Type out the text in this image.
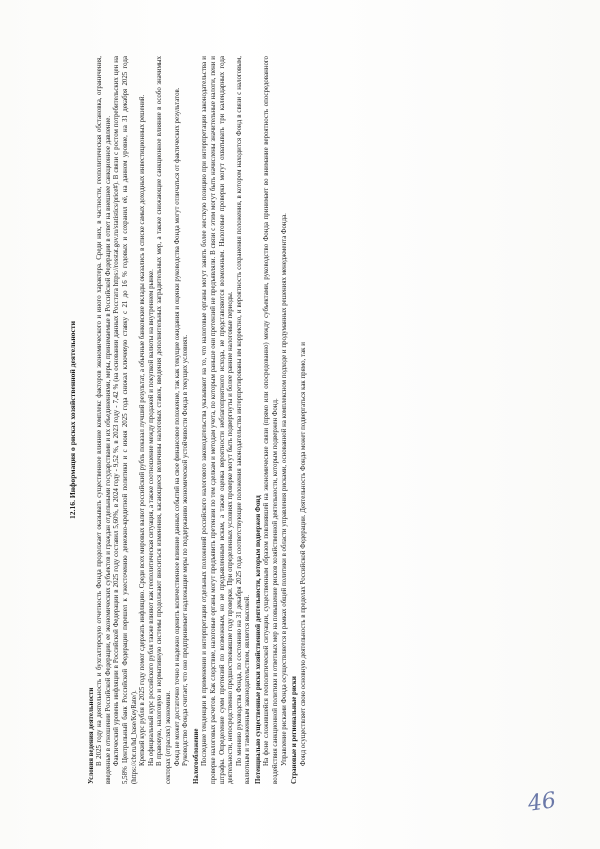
12.16. Информация о рисках хозяйственной деятельности
Условия ведения деятельности В 2025 году на деятельность и бухгалтерскую отчетность Фонда продолжает оказывать существенное влияние комплекс факторов экономического и иного характера. Среди них, в частности, геополитическая обстановка, ограничения, введенные в отношении Российской Федерации, ее экономических субъектов и граждан отдельными государствами и их объединениями, меры, принимаемые в Российской Федерации в ответ на внешнее санкционное давление. Фактический уровень инфляции в Российской Федерации в 2025 году составил 5,60%, в 2024 году - 9,52 %, в 2023 году - 7,42 % (на основании данных Росстата https://rosstat.gov.ru/statistics/price#). В связи с ростом потребительских цен на 5,58% Центральный банк Российской Федерации перешел к ужесточению денежно-кредитной политики и с июня 2025 года снижал ключевую ставку с 21 до 16 % годовых и сохранил её, на данном уровне, на 31 декабря 2025 года (https://cbr.ru/hd_base/KeyRate/). Крепкий курс рубля в 2025 году помог сдержать инфляцию. Среди всех мировых валют российский рубль показал лучший результат, а обычные банковские вклады оказались в списке самых доходных инвестиционных решений. На официальный курс российского рубля также влияют как геополитическая ситуация, а также соотношение между продажей и покупкой валюты на внутреннем рынке. В правовую, налоговую и нормативную системы продолжают вноситься изменения, касающиеся величины налоговых ставок, введения дополнительных заградительных мер, а также снижающие санкционное влияние в особо значимых секторах (отраслях) экономики. Фонд не может достаточно точно и надежно оценить количественное влияние данных событий на свое финансовое положение, так как текущие ожидания и оценки руководства Фонда могут отличаться от фактических результатов. Руководство Фонда считает, что оно предпринимает надлежащие меры по поддержанию экономической устойчивости Фонда в текущих условиях. Налогообложение Последние тенденции в применении и интерпретации отдельных положений российского налогового законодательства указывают на то, что налоговые органы могут занять более жесткую позицию при интерпретации законодательства и проверке налоговых расчетов. Как следствие, налоговые органы могут предъявить претензии по тем сделкам и методам учета, по которым раньше они претензий не предъявляли. В связи с этим могут быть начислены значительные налоги, пени и штрафы. Определение сумм претензий по возможным, но не предъявленным искам, а также оценка вероятности неблагоприятного исхода, не представляются возможным. Налоговые проверки могут охватывать три календарных года деятельности, непосредственно предшествовавшие году проверки. При определенных условиях проверке могут быть подвергнуты и более ранние налоговые периоды. По мнению руководства Фонда, по состоянию на 31 декабря 2025 года соответствующие положения законодательства интерпретированы им корректно, и вероятность сохранения положения, в котором находится Фонд в связи с налоговым, валютным и таможенным законодательством, является высокой. Потенциально существенные риски хозяйственной деятельности, которым подвержен Фонд На фоне сложившейся геополитической ситуации, существенным образом повлиявшей на экономические связи (прямо или опосредованно) между субъектами, руководство Фонда принимает во внимание вероятность опосредованного воздействия санкционной политики и ответных мер на повышение рисков хозяйственной деятельности, которым подвержен Фонд. Управление рисками Фонда осуществляется в рамках общей политики в области управления рисками, основанной на комплексном подходе и продуманных решениях менеджмента Фонда. Страновые и региональные риски Фонд осуществляет свою основную деятельность в пределах Российской Федерации. Деятельность Фонда может подвергаться как прямо, так и

46
